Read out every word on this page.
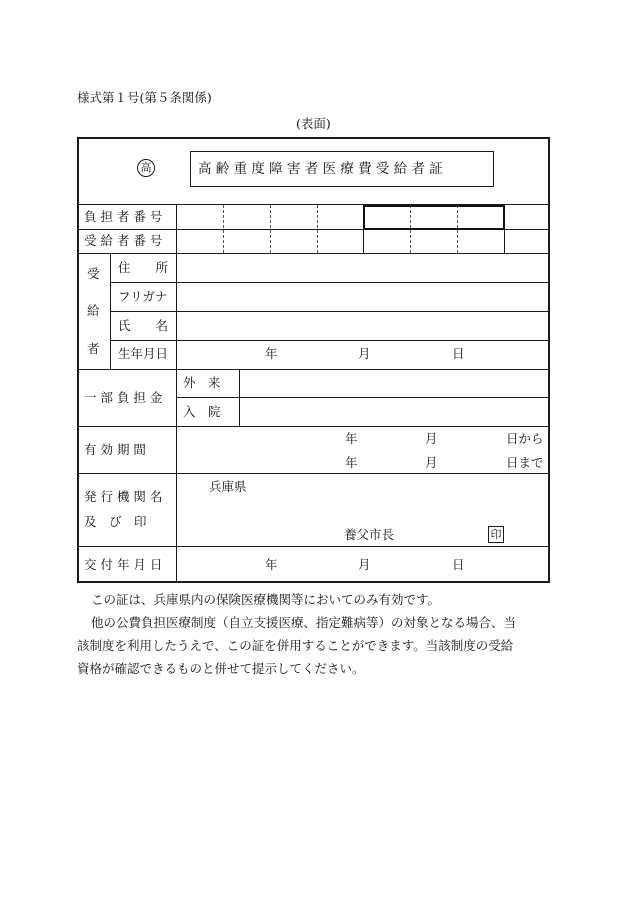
様式第１号(第５条関係)
(表面)
高	高 齢 重 度 障 害 者 医 療 費 受 給 者 証
負 担 者 番 号
受 給 者 番 号
受
給
者
住　　所
フリガナ
氏　　名
生年月日	年	月	日
一 部 負 担 金
外　来
入　院
有 効 期 間
年	月	日から
年	月	日まで
発 行 機 関 名
及　び　印
兵庫県
養父市長	印
交 付 年 月 日	年	月	日
この証は、兵庫県内の保険医療機関等においてのみ有効です。
他の公費負担医療制度（自立支援医療、指定難病等）の対象となる場合、当
該制度を利用したうえで、この証を併用することができます。当該制度の受給
資格が確認できるものと併せて提示してください。
